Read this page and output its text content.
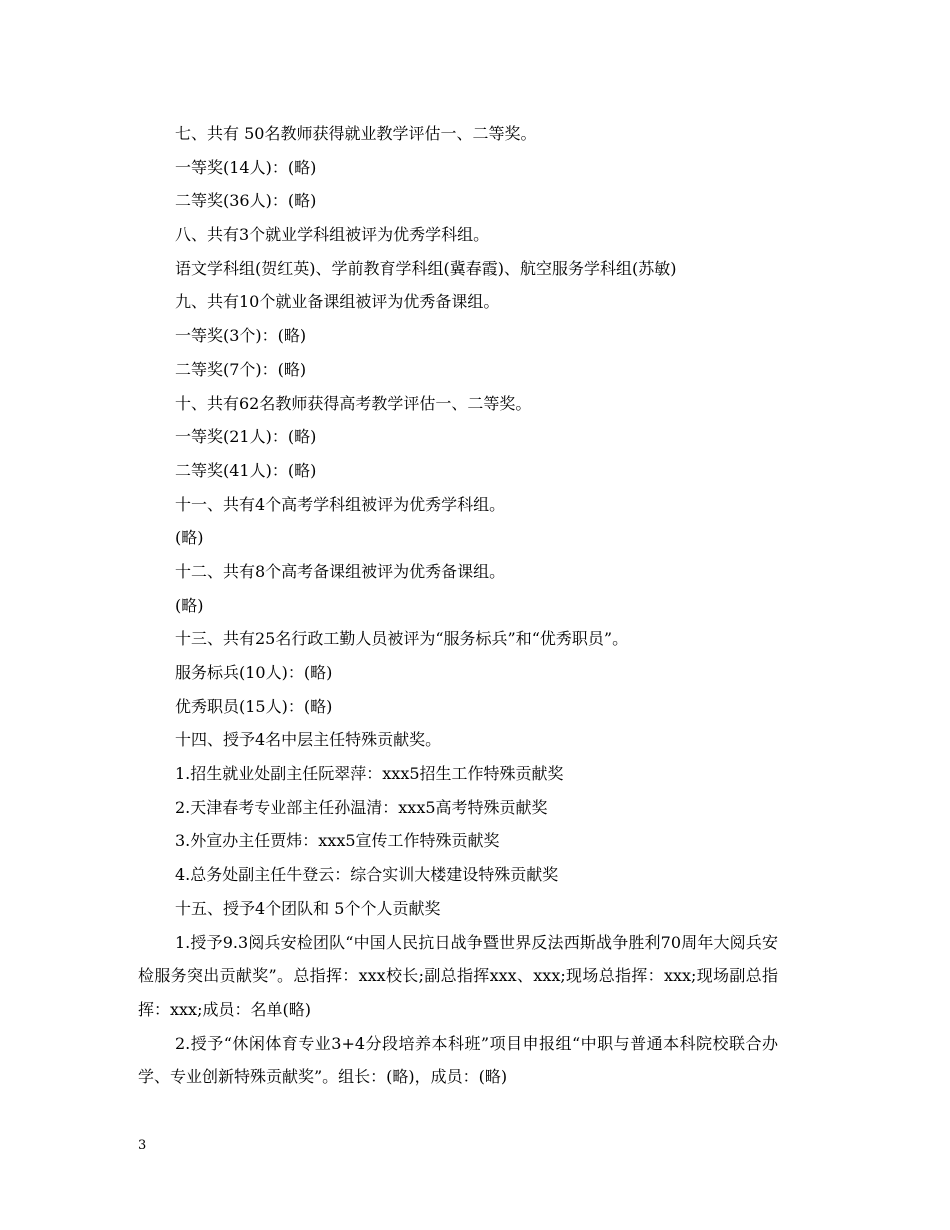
七、共有 50名教师获得就业教学评估一、二等奖。
一等奖(14人)：(略)
二等奖(36人)：(略)
八、共有3个就业学科组被评为优秀学科组。
语文学科组(贺红英)、学前教育学科组(冀春霞)、航空服务学科组(苏敏)
九、共有10个就业备课组被评为优秀备课组。
一等奖(3个)：(略)
二等奖(7个)：(略)
十、共有62名教师获得高考教学评估一、二等奖。
一等奖(21人)：(略)
二等奖(41人)：(略)
十一、共有4个高考学科组被评为优秀学科组。
(略)
十二、共有8个高考备课组被评为优秀备课组。
(略)
十三、共有25名行政工勤人员被评为“服务标兵”和“优秀职员”。
服务标兵(10人)：(略)
优秀职员(15人)：(略)
十四、授予4名中层主任特殊贡献奖。
1.招生就业处副主任阮翠萍：xxx5招生工作特殊贡献奖
2.天津春考专业部主任孙温清：xxx5高考特殊贡献奖
3.外宣办主任贾炜：xxx5宣传工作特殊贡献奖
4.总务处副主任牛登云：综合实训大楼建设特殊贡献奖
十五、授予4个团队和 5个个人贡献奖
1.授予9.3阅兵安检团队“中国人民抗日战争暨世界反法西斯战争胜利70周年大阅兵安检服务突出贡献奖”。总指挥：xxx校长;副总指挥xxx、xxx;现场总指挥：xxx;现场副总指挥：xxx;成员：名单(略)
2.授予“休闲体育专业3+4分段培养本科班”项目申报组“中职与普通本科院校联合办学、专业创新特殊贡献奖”。组长：(略)，成员：(略)
3
